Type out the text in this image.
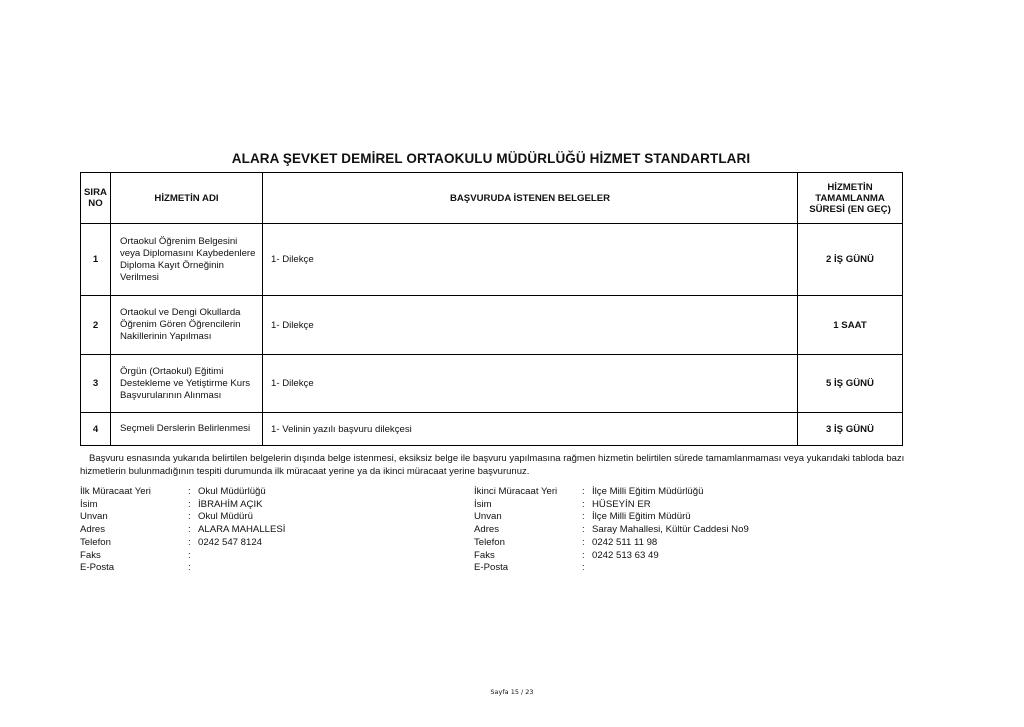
ALARA ŞEVKET DEMİREL ORTAOKULU MÜDÜRLÜĞÜ HİZMET STANDARTLARI
SIRA NO	HİZMETİN ADI	BAŞVURUDA İSTENEN BELGELER	HİZMETİN TAMAMLANMA SÜRESİ (EN GEÇ)
1	Ortaokul Öğrenim Belgesini veya Diplomasını Kaybedenlere Diploma Kayıt Örneğinin Verilmesi	1- Dilekçe	2 İŞ GÜNÜ
2	Ortaokul ve Dengi Okullarda Öğrenim Gören Öğrencilerin Nakillerinin Yapılması	1- Dilekçe	1 SAAT
3	Örgün (Ortaokul) Eğitimi Destekleme ve Yetiştirme Kurs Başvurularının Alınması	1- Dilekçe	5 İŞ GÜNÜ
4	Seçmeli Derslerin Belirlenmesi	1- Velinin yazılı başvuru dilekçesi	3 İŞ GÜNÜ
Başvuru esnasında yukarıda belirtilen belgelerin dışında belge istenmesi, eksiksiz belge ile başvuru yapılmasına rağmen hizmetin belirtilen sürede tamamlanmaması veya yukarıdaki tabloda bazı hizmetlerin bulunmadığının tespiti durumunda ilk müracaat yerine ya da ikinci müracaat yerine başvurunuz.
İlk Müracaat Yeri	: Okul Müdürlüğü
İsim	: İBRAHİM AÇIK
Unvan	: Okul Müdürü
Adres	: ALARA MAHALLESİ
Telefon	: 0242 547 8124
Faks	:
E-Posta	:
İkinci Müracaat Yeri	: İlçe Milli Eğitim Müdürlüğü
İsim	: HÜSEYİN ER
Unvan	: İlçe Milli Eğitim Müdürü
Adres	: Saray Mahallesi, Kültür Caddesi No9
Telefon	: 0242 511 11 98
Faks	: 0242 513 63 49
E-Posta	:
Sayfa 15 / 23
